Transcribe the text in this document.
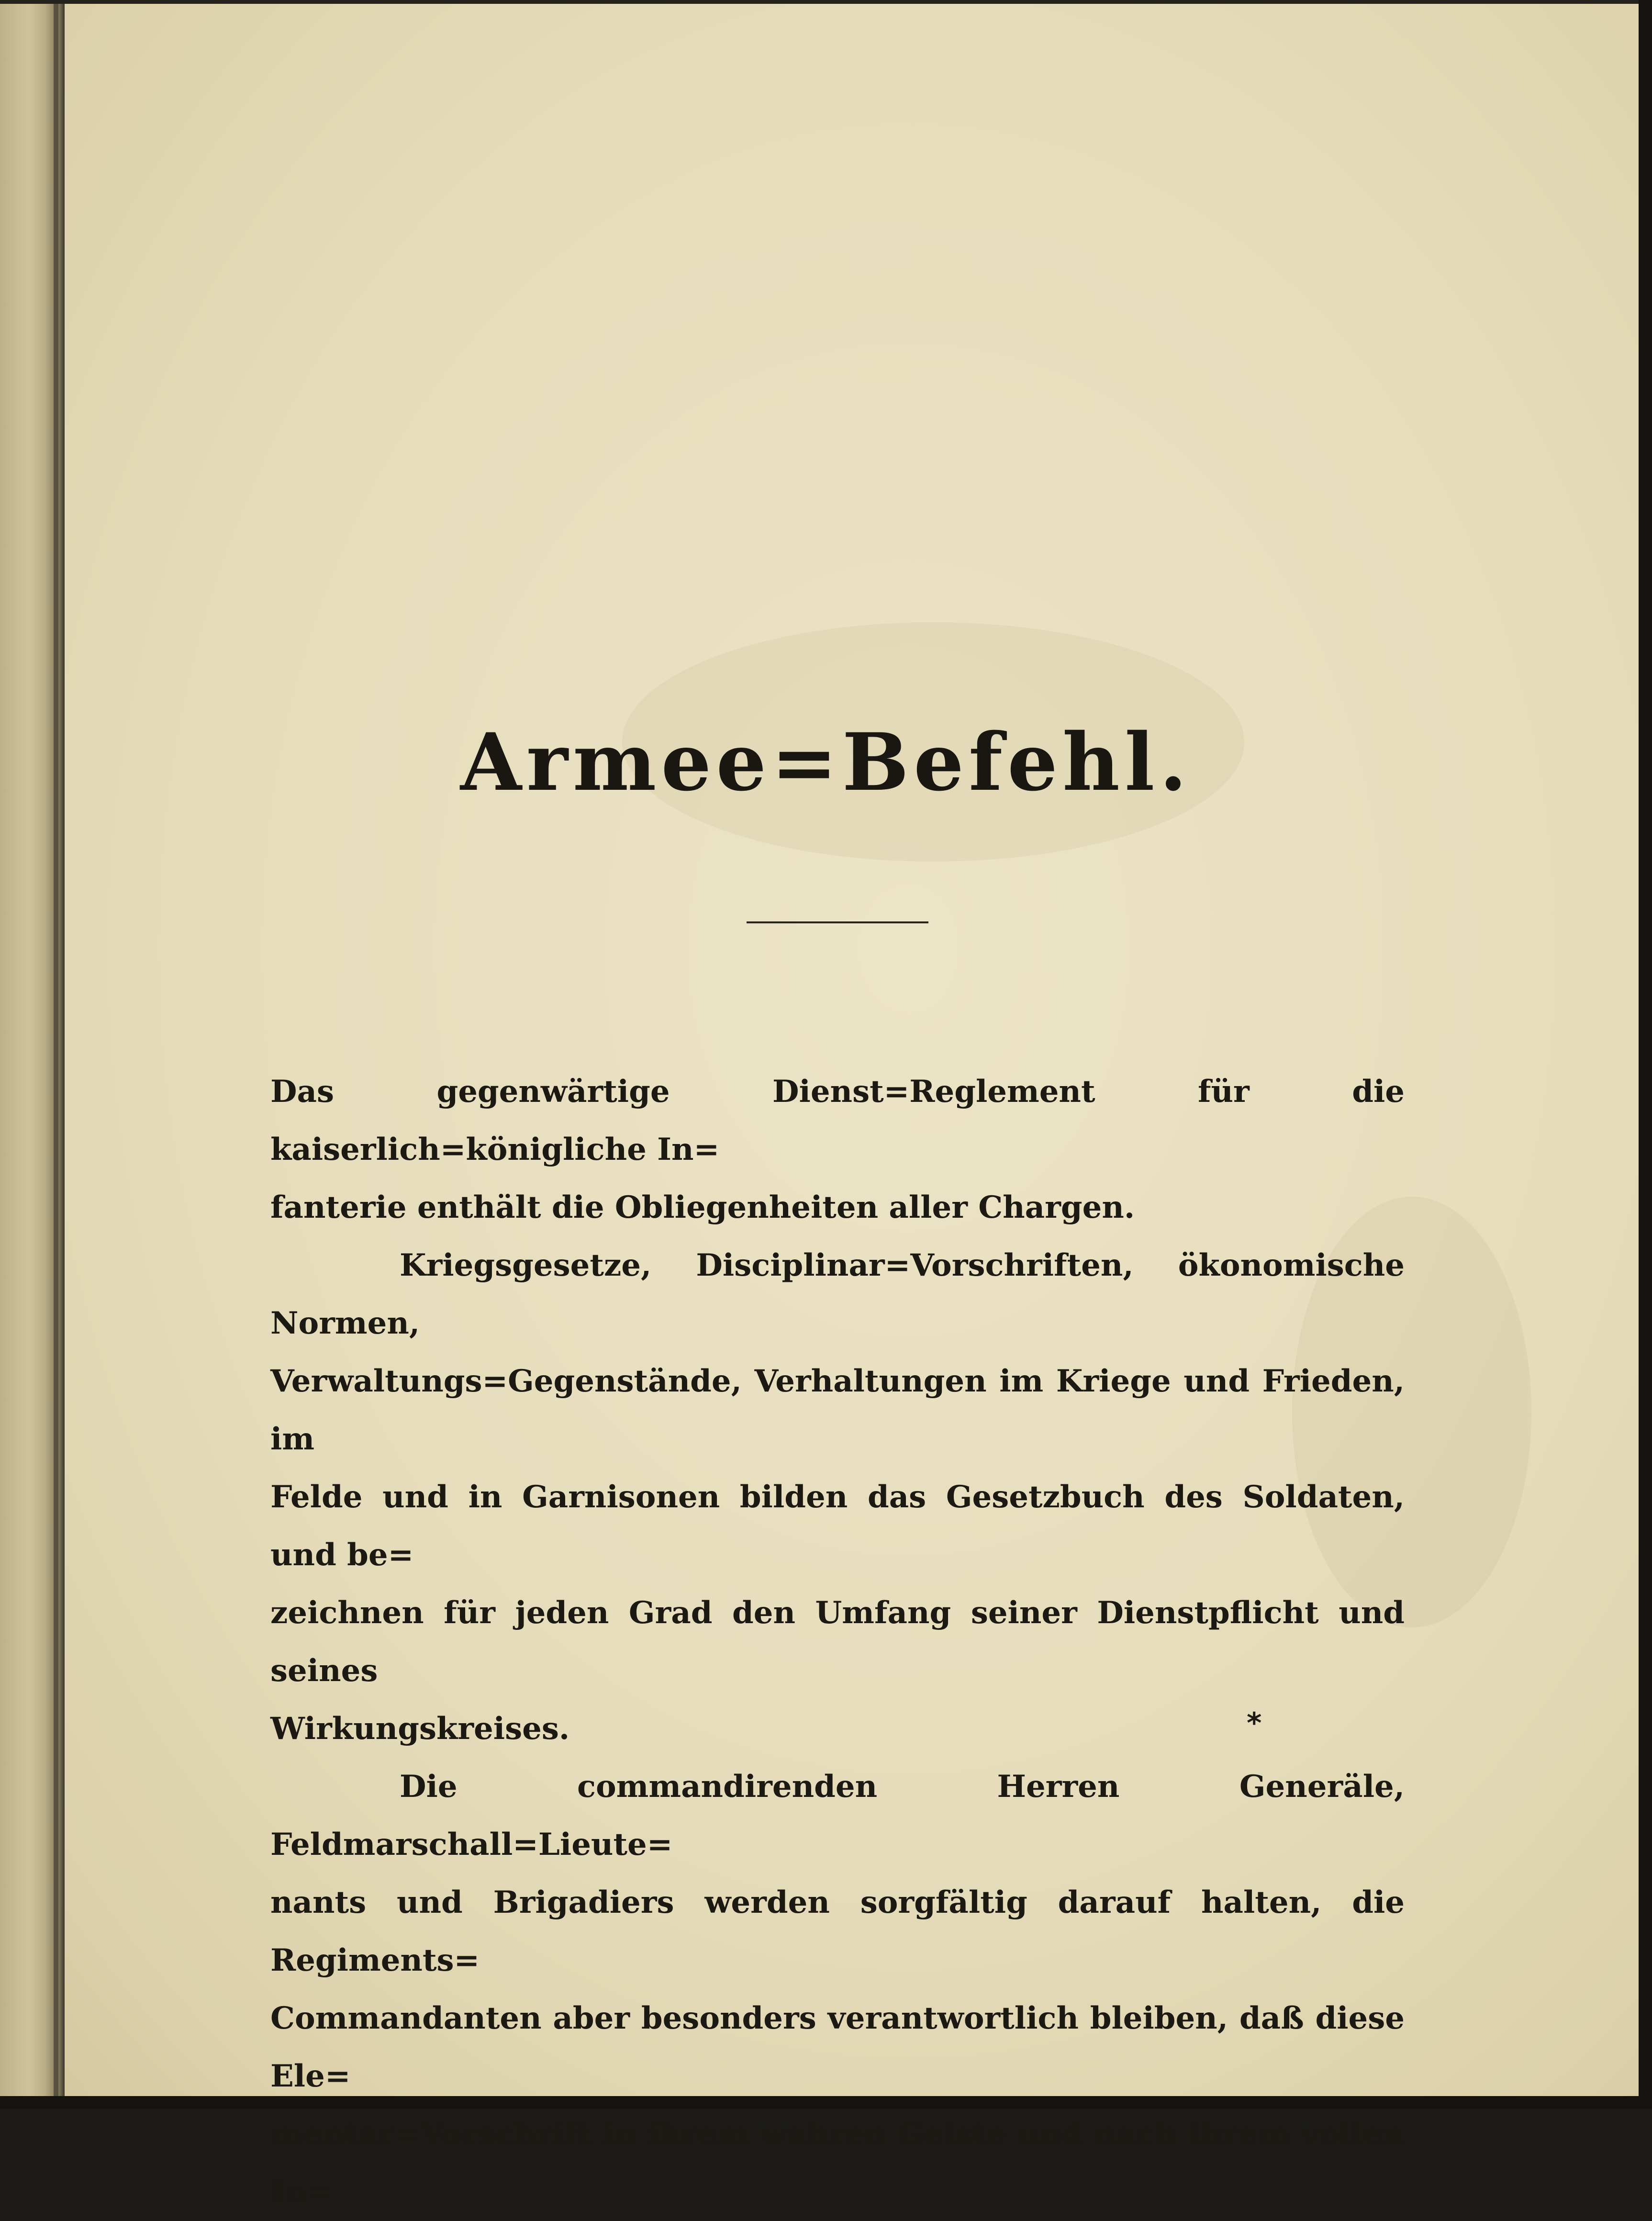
Armee=Befehl.

Das gegenwärtige Dienst=Reglement für die kaiserlich=königliche In=
fanterie enthält die Obliegenheiten aller Chargen.

Kriegsgesetze, Disciplinar=Vorschriften, ökonomische Normen,
Verwaltungs=Gegenstände, Verhaltungen im Kriege und Frieden, im
Felde und in Garnisonen bilden das Gesetzbuch des Soldaten, und be=
zeichnen für jeden Grad den Umfang seiner Dienstpflicht und seines
Wirkungskreises.

Die commandirenden Herren Generäle, Feldmarschall=Lieute=
nants und Brigadiers werden sorgfältig darauf halten, die Regiments=
Commandanten aber besonders verantwortlich bleiben, daß diese Ele=
mentar=Vorschrift in ihrem wahren Geiste und nach ihrem vollen In=

*
